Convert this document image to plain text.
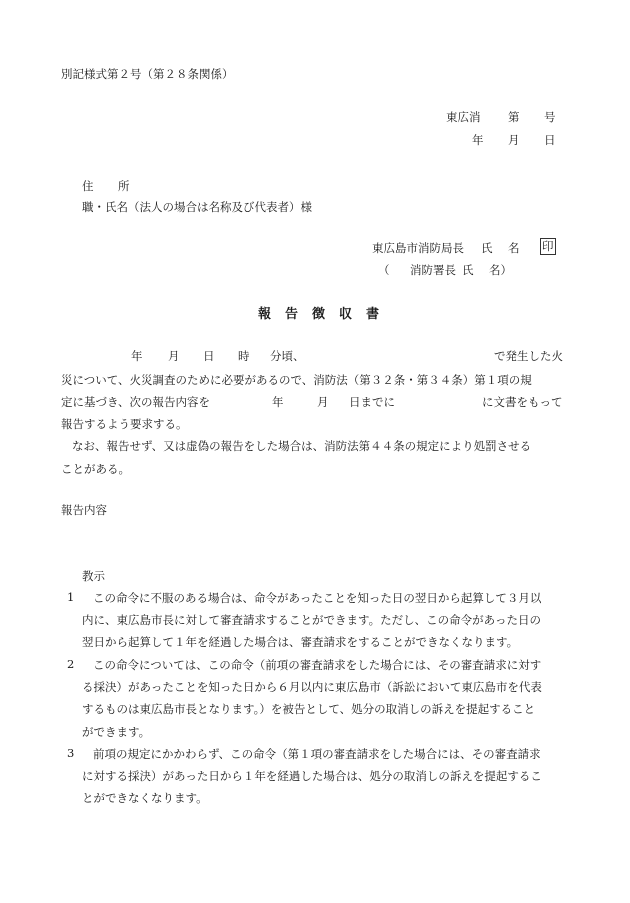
別記様式第２号（第２８条関係）
東広消 第 号
年 月 日
住 所
職・氏名（法人の場合は名称及び代表者）様
東広島市消防局長 氏 名 印
（ 消防署長 氏 名）
報 告 徴 収 書
年 月 日 時 分頃、	で発生した火
災について、火災調査のために必要があるので、消防法（第３２条・第３４条）第１項の規
定に基づき、次の報告内容を	年	月 日までに	に文書をもって
報告するよう要求する。
なお、報告せず、又は虚偽の報告をした場合は、消防法第４４条の規定により処罰させる
ことがある。
報告内容
教示
1 この命令に不服のある場合は、命令があったことを知った日の翌日から起算して３月以
内に、東広島市長に対して審査請求することができます。ただし、この命令があった日の
翌日から起算して１年を経過した場合は、審査請求をすることができなくなります。
2 この命令については、この命令（前項の審査請求をした場合には、その審査請求に対す
る採決）があったことを知った日から６月以内に東広島市（訴訟において東広島市を代表
するものは東広島市長となります。）を被告として、処分の取消しの訴えを提起すること
ができます。
3 前項の規定にかかわらず、この命令（第１項の審査請求をした場合には、その審査請求
に対する採決）があった日から１年を経過した場合は、処分の取消しの訴えを提起するこ
とができなくなります。
